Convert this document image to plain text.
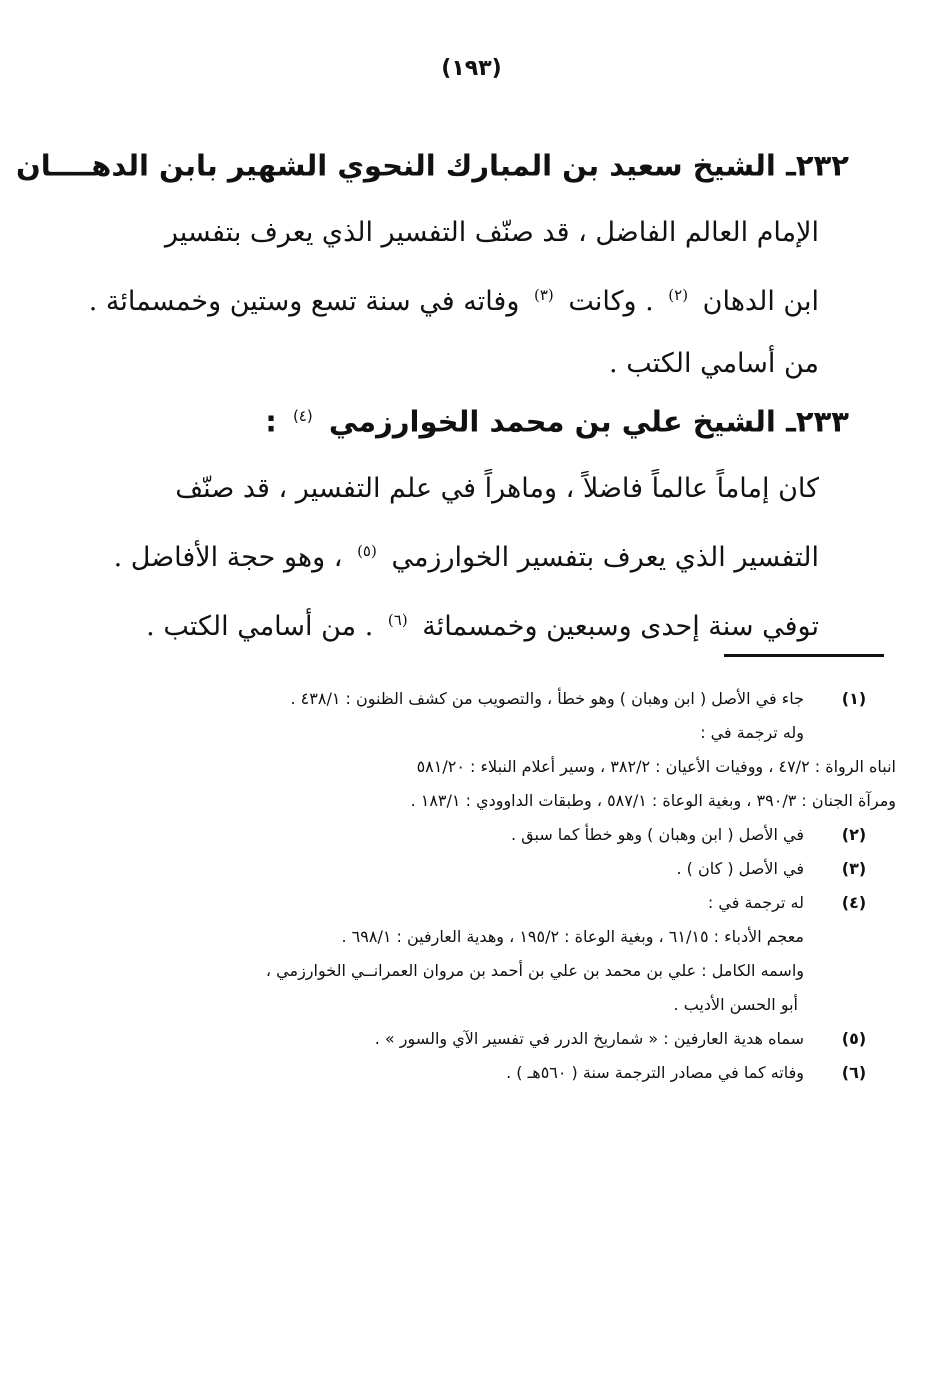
(١٩٣)
٢٣٢ـ الشيخ سعيد بن المبارك النحوي الشهير بابن الدهــــان
الإمام العالم الفاضل ، قد صنّف التفسير الذي يعرف بتفسير
ابن الدهان $^{(٢)}$ . وكانت $^{(٣)}$ وفاته في سنة تسع وستين وخمسمائة .
من أسامي الكتب .
٢٣٣ـ الشيخ علي بن محمد الخوارزمي $^{(٤)}$ :
كان إماماً عالماً فاضلاً ، وماهراً في علم التفسير ، قد صنّف
التفسير الذي يعرف بتفسير الخوارزمي $^{(٥)}$ ، وهو حجة الأفاضل .
توفي سنة إحدى وسبعين وخمسمائة $^{(٦)}$ . من أسامي الكتب .
(١)
جاء في الأصل ( ابن وهبان ) وهو خطأ ، والتصويب من كشف الظنون : ٤٣٨/١ .
وله ترجمة في :
انباه الرواة : ٤٧/٢ ، ووفيات الأعيان : ٣٨٢/٢ ، وسير أعلام النبلاء : ٥٨١/٢٠
ومرآة الجنان : ٣٩٠/٣ ، وبغية الوعاة : ٥٨٧/١ ، وطبقات الداوودي : ١٨٣/١ .
(٢)
في الأصل ( ابن وهبان ) وهو خطأ كما سبق .
(٣)
في الأصل ( كان ) .
(٤)
له ترجمة في :
معجم الأدباء : ٦١/١٥ ، وبغية الوعاة : ١٩٥/٢ ، وهدية العارفين : ٦٩٨/١ .
واسمه الكامل : علي بن محمد بن علي بن أحمد بن مروان العمرانــي الخوارزمي ،
أبو الحسن الأديب .
(٥)
سماه هدية العارفين : « شماريخ الدرر في تفسير الآي والسور » .
(٦)
وفاته كما في مصادر الترجمة سنة ( ٥٦٠هـ ) .
